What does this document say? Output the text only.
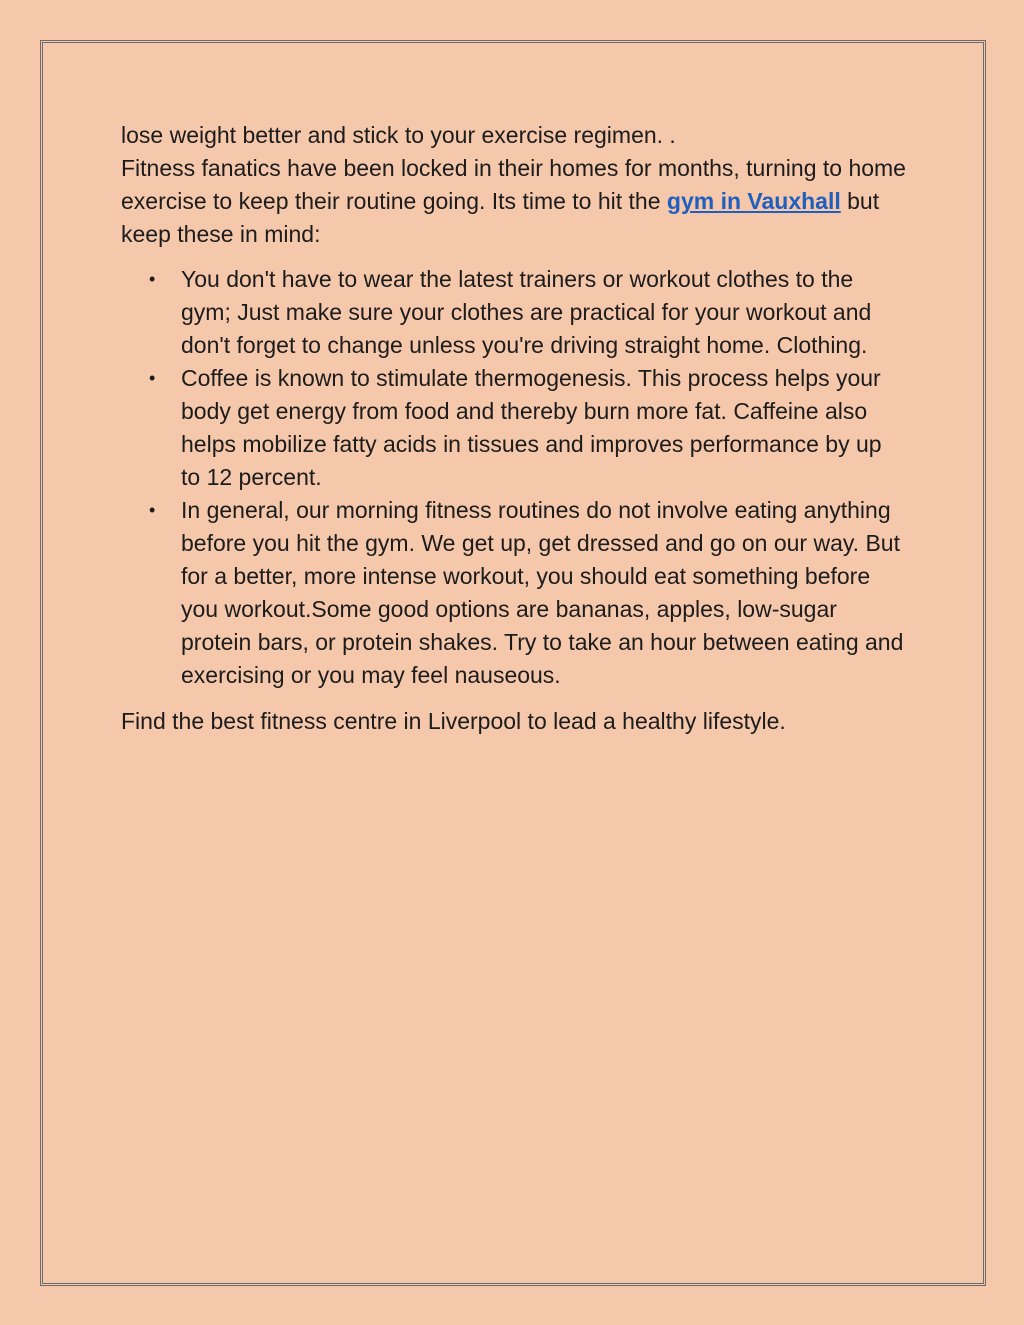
lose weight better and stick to your exercise regimen. .

Fitness fanatics have been locked in their homes for months, turning to home exercise to keep their routine going. Its time to hit the gym in Vauxhall but keep these in mind:

• You don't have to wear the latest trainers or workout clothes to the gym; Just make sure your clothes are practical for your workout and don't forget to change unless you're driving straight home. Clothing.
• Coffee is known to stimulate thermogenesis. This process helps your body get energy from food and thereby burn more fat. Caffeine also helps mobilize fatty acids in tissues and improves performance by up to 12 percent.
• In general, our morning fitness routines do not involve eating anything before you hit the gym. We get up, get dressed and go on our way. But for a better, more intense workout, you should eat something before you workout.Some good options are bananas, apples, low-sugar protein bars, or protein shakes. Try to take an hour between eating and exercising or you may feel nauseous.

Find the best fitness centre in Liverpool to lead a healthy lifestyle.
